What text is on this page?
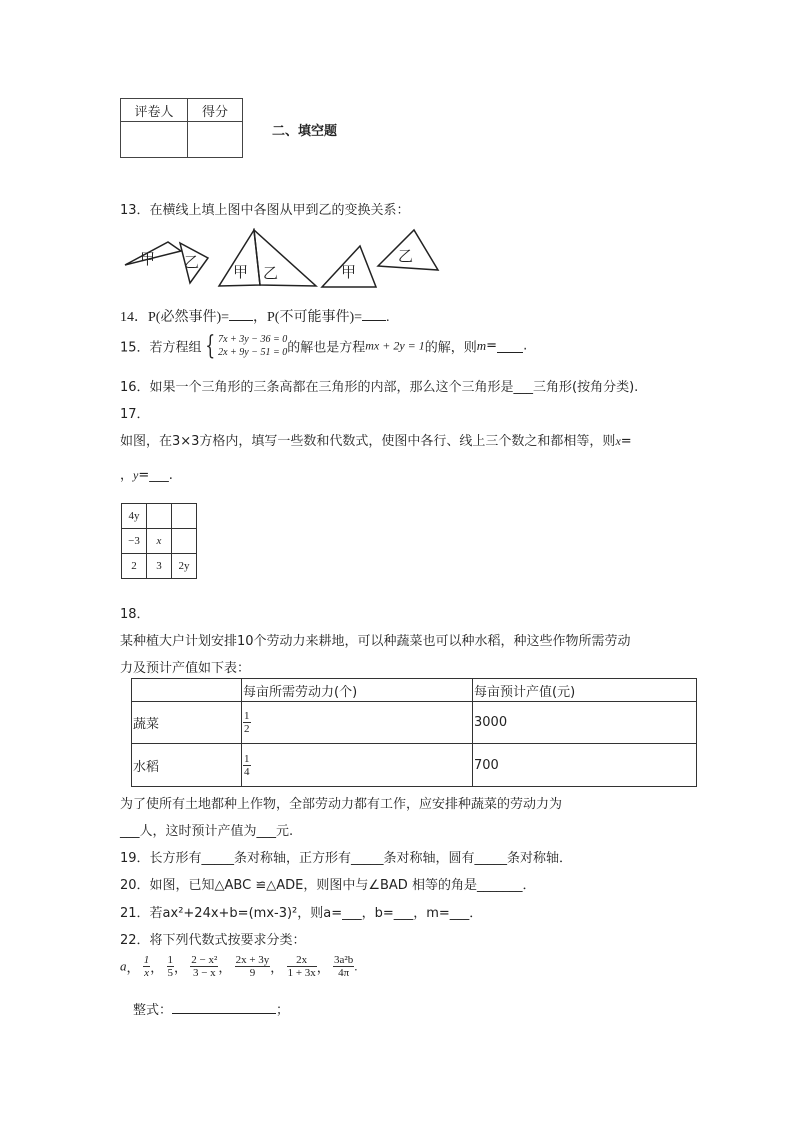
评卷人	得分

二、填空题
13．在横线上填上图中各图从甲到乙的变换关系：
甲 乙
甲 乙	甲
乙
14．P(必然事件)= ，P(不可能事件)= .
15．若方程组 { 7x + 3y − 36 = 0
2x + 9y − 51 = 0 的解也是方程mx + 2y = 1的解，则m= .
16．如果一个三角形的三条高都在三角形的内部，那么这个三角形是___三角形(按角分类).
17．
如图，在3×3方格内，填写一些数和代数式，使图中各行、线上三个数之和都相等，则x=
，y=___.
4y		
−3	x	
2	3	2y
18．
某种植大户计划安排10个劳动力来耕地，可以种蔬菜也可以种水稻，种这些作物所需劳动
力及预计产值如下表：
	每亩所需劳动力(个)	每亩预计产值(元)
蔬菜	$\frac{1}{2}$	3000
水稻	$\frac{1}{4}$	700
为了使所有土地都种上作物，全部劳动力都有工作，应安排种蔬菜的劳动力为
___人，这时预计产值为___元.
19．长方形有_____条对称轴，正方形有_____条对称轴，圆有_____条对称轴．
20．如图，已知△ABC ≌△ADE，则图中与∠BAD 相等的角是_______．
21．若ax²+24x+b=(mx-3)²，则a=___，b=___，m=___．
22．将下列代数式按要求分类：
a， $\frac{1}{x}$ ， $\frac{1}{5}$ ， $\frac{\text{2 − x²}}{3 - x}$ ， $\frac{2x + 3y}{9}$ ， $\frac{2x}{1 + 3x}$ ， $\frac{\text{3a²b}}{4\pi}$ .
整式：	；
